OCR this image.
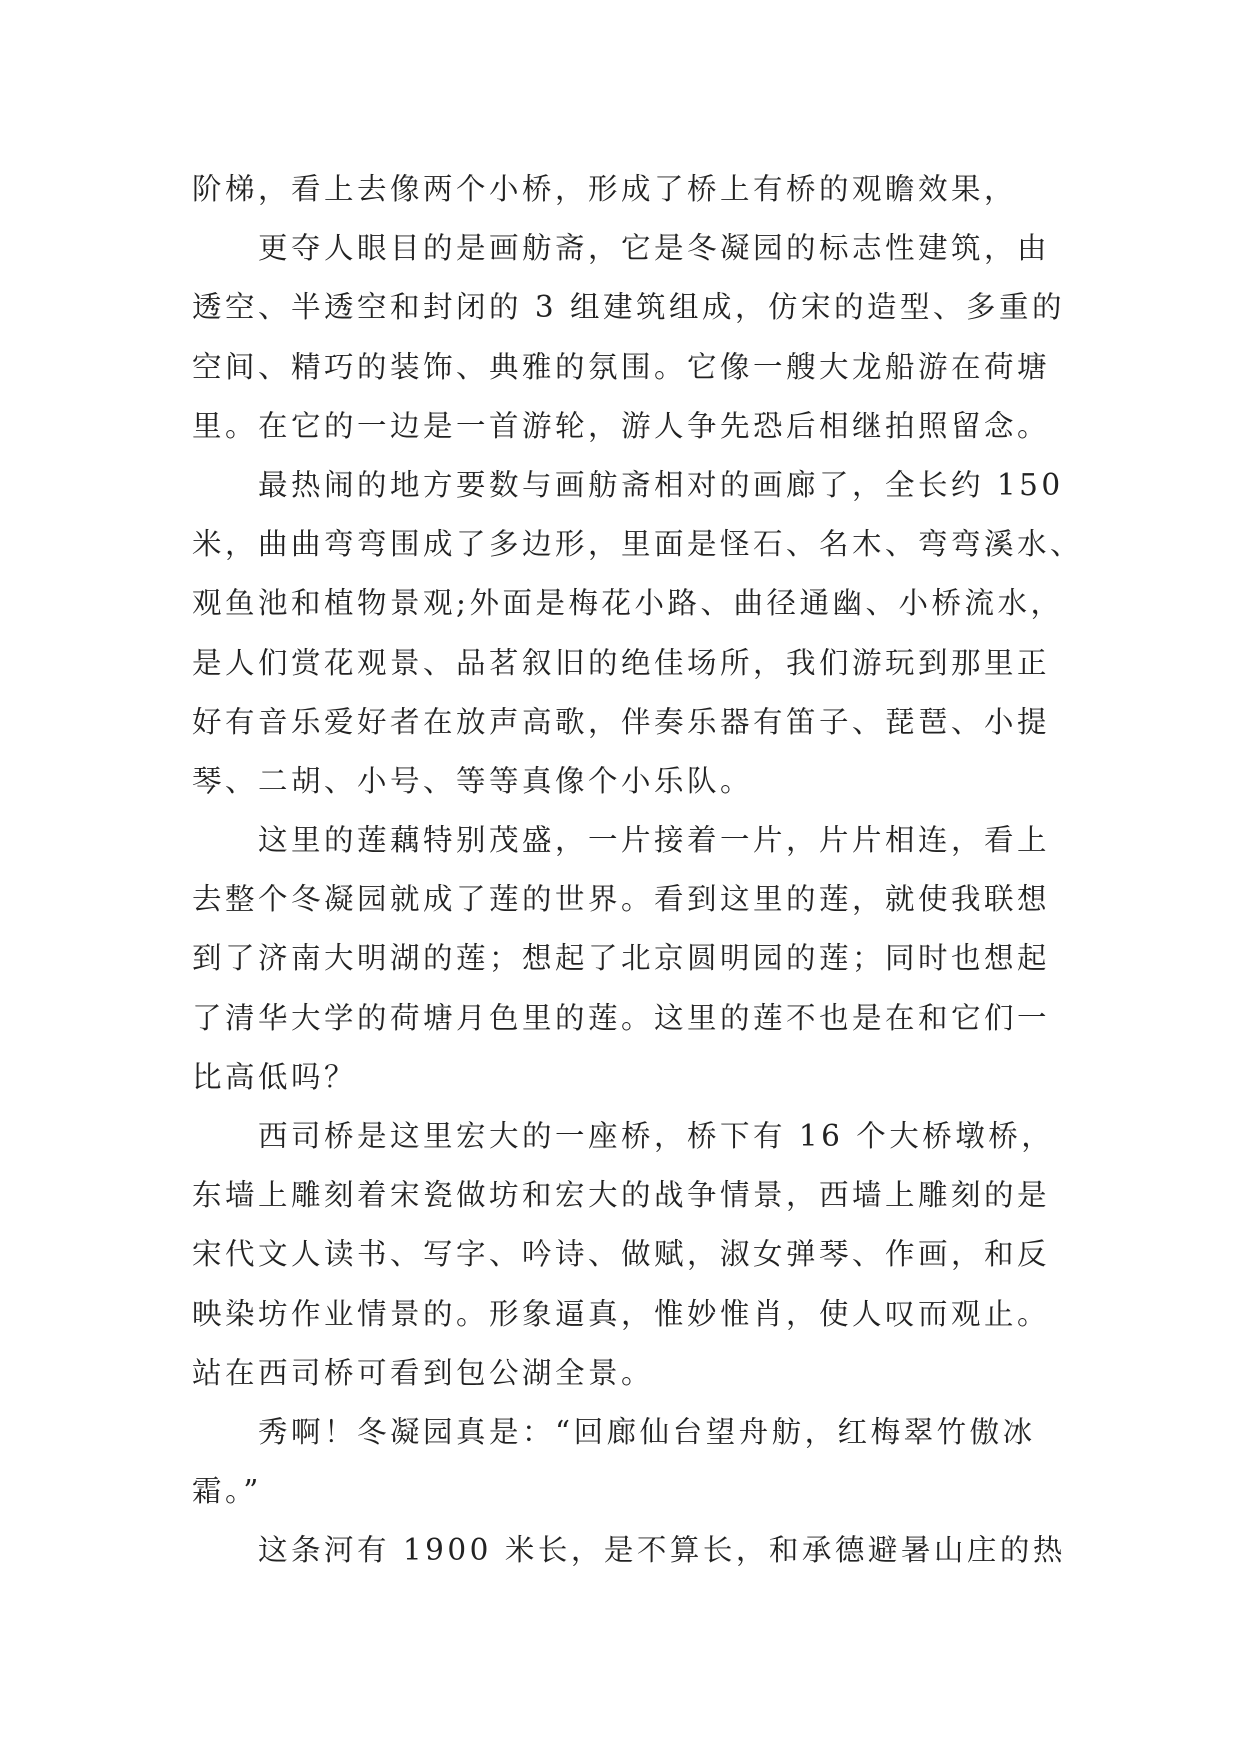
阶梯，看上去像两个小桥，形成了桥上有桥的观瞻效果，
更夺人眼目的是画舫斋，它是冬凝园的标志性建筑，由
透空、半透空和封闭的 3 组建筑组成，仿宋的造型、多重的
空间、精巧的装饰、典雅的氛围。它像一艘大龙船游在荷塘
里。在它的一边是一首游轮，游人争先恐后相继拍照留念。
最热闹的地方要数与画舫斋相对的画廊了，全长约 150
米，曲曲弯弯围成了多边形，里面是怪石、名木、弯弯溪水、
观鱼池和植物景观;外面是梅花小路、曲径通幽、小桥流水，
是人们赏花观景、品茗叙旧的绝佳场所，我们游玩到那里正
好有音乐爱好者在放声高歌，伴奏乐器有笛子、琵琶、小提
琴、二胡、小号、等等真像个小乐队。
这里的莲藕特别茂盛，一片接着一片，片片相连，看上
去整个冬凝园就成了莲的世界。看到这里的莲，就使我联想
到了济南大明湖的莲；想起了北京圆明园的莲；同时也想起
了清华大学的荷塘月色里的莲。这里的莲不也是在和它们一
比高低吗？
西司桥是这里宏大的一座桥，桥下有 16 个大桥墩桥，
东墙上雕刻着宋瓷做坊和宏大的战争情景，西墙上雕刻的是
宋代文人读书、写字、吟诗、做赋，淑女弹琴、作画，和反
映染坊作业情景的。形象逼真，惟妙惟肖，使人叹而观止。
站在西司桥可看到包公湖全景。
秀啊！冬凝园真是：“回廊仙台望舟舫，红梅翠竹傲冰
霜。”
这条河有 1900 米长，是不算长，和承德避暑山庄的热
